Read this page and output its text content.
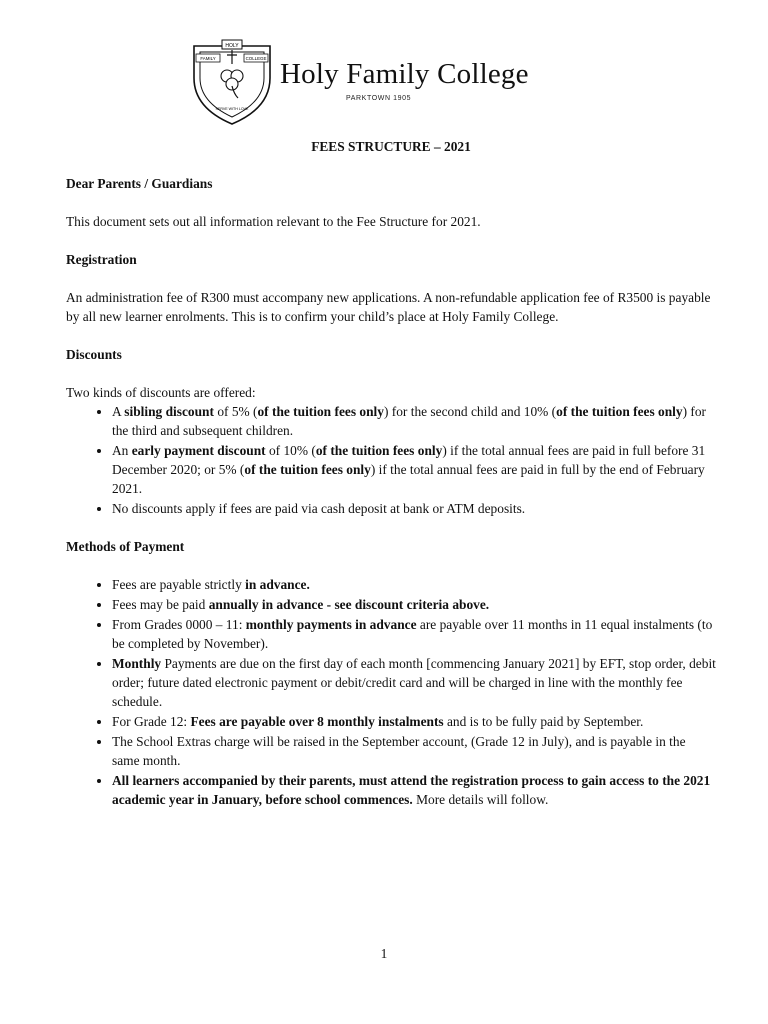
HOLY
FAMILY	COLLEGE
SERVE WITH LOVE
Holy Family College
PARKTOWN 1905
FEES STRUCTURE – 2021
Dear Parents / Guardians

This document sets out all information relevant to the Fee Structure for 2021.

Registration

An administration fee of R300 must accompany new applications. A non-refundable application fee of R3500 is payable by all new learner enrolments. This is to confirm your child’s place at Holy Family College.

Discounts
Two kinds of discounts are offered:
• A sibling discount of 5% (of the tuition fees only) for the second child and 10% (of the tuition fees only) for the third and subsequent children.
• An early payment discount of 10% (of the tuition fees only) if the total annual fees are paid in full before 31 December 2020; or 5% (of the tuition fees only) if the total annual fees are paid in full by the end of February 2021.
• No discounts apply if fees are paid via cash deposit at bank or ATM deposits.
Methods of Payment
• Fees are payable strictly in advance.
• Fees may be paid annually in advance - see discount criteria above.
• From Grades 0000 – 11: monthly payments in advance are payable over 11 months in 11 equal instalments (to be completed by November).
• Monthly Payments are due on the first day of each month [commencing January 2021] by EFT, stop order, debit order; future dated electronic payment or debit/credit card and will be charged in line with the monthly fee schedule.
• For Grade 12: Fees are payable over 8 monthly instalments and is to be fully paid by September.
• The School Extras charge will be raised in the September account, (Grade 12 in July), and is payable in the same month.
• All learners accompanied by their parents, must attend the registration process to gain access to the 2021 academic year in January, before school commences. More details will follow.
1
